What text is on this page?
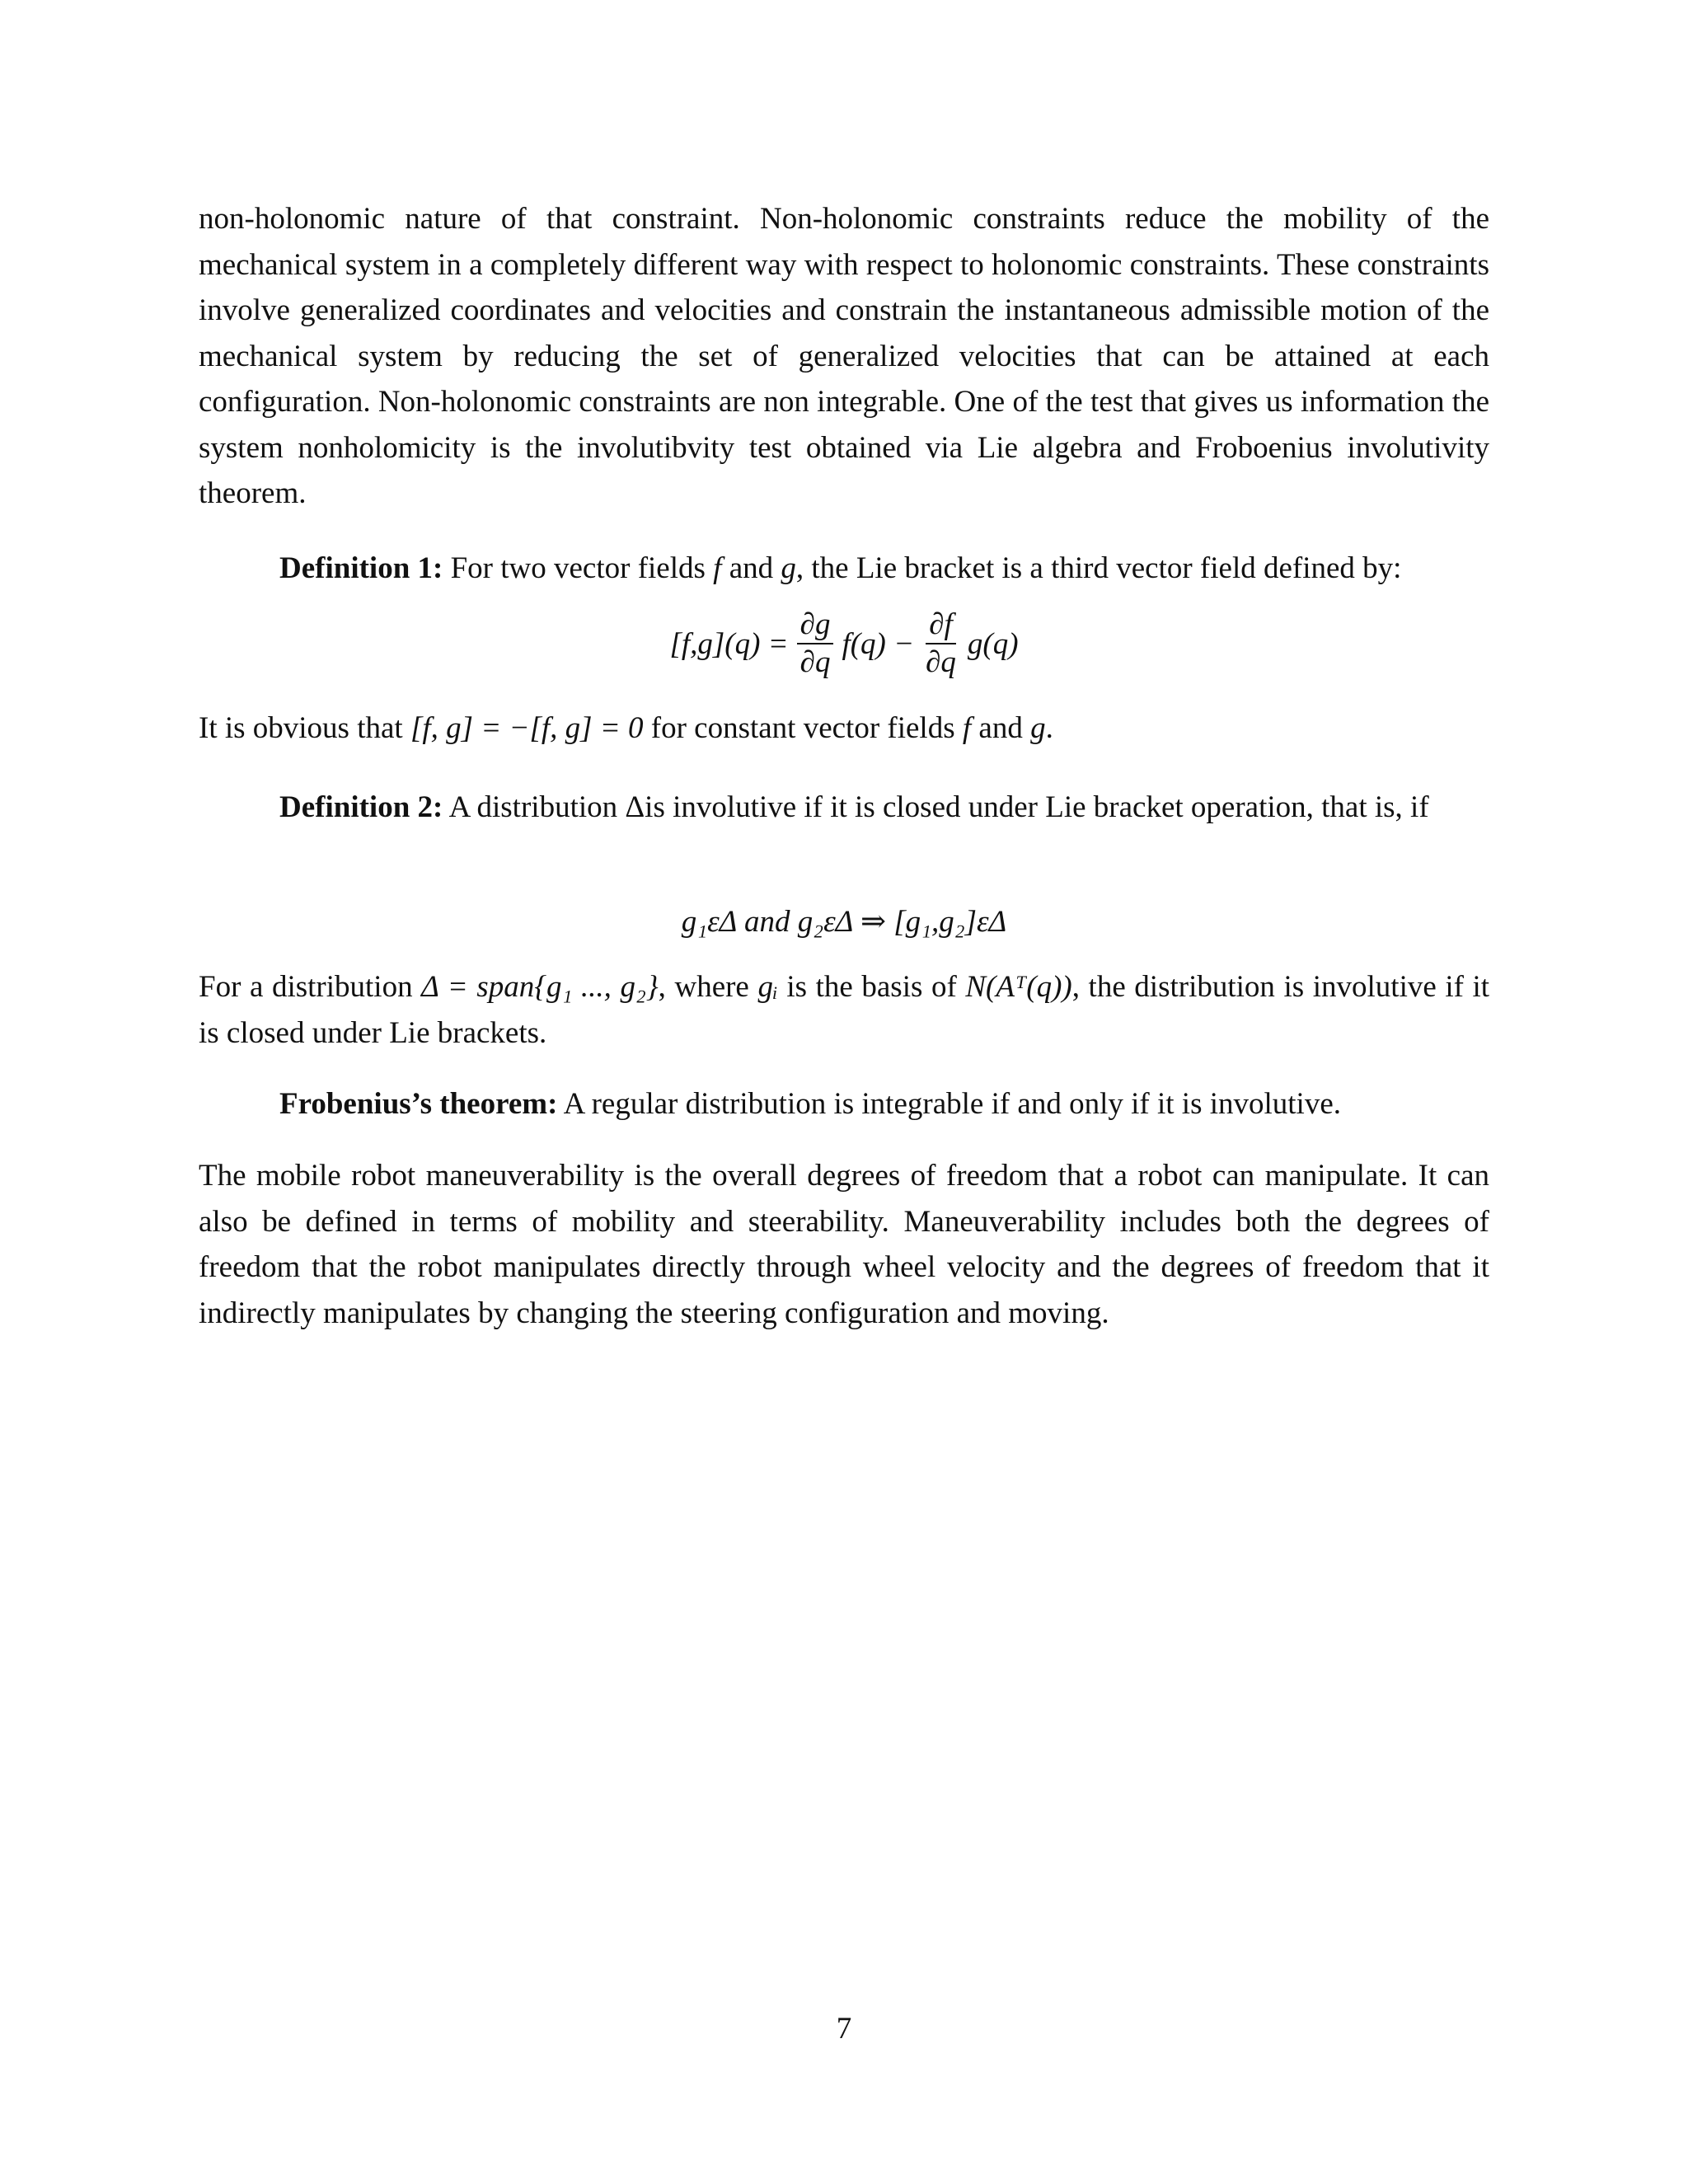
non-holonomic nature of that constraint. Non-holonomic constraints reduce the mobility of the mechanical system in a completely different way with respect to holonomic constraints. These constraints involve generalized coordinates and velocities and constrain the instantaneous admissible motion of the mechanical system by reducing the set of generalized velocities that can be attained at each configuration. Non-holonomic constraints are non integrable. One of the test that gives us information the system nonholomicity is the involutibvity test obtained via Lie algebra and Froboenius involutivity theorem.

Definition 1: For two vector fields f and g, the Lie bracket is a third vector field defined by:

$[f,g](q) = \frac{\partial g}{\partial q} f(q) - \frac{\partial f}{\partial q} g(q)$

It is obvious that [f, g] = −[f, g] = 0 for constant vector fields f and g.

Definition 2: A distribution Δis involutive if it is closed under Lie bracket operation, that is, if

g₁εΔ and g₂εΔ ⇒ [g₁,g₂]εΔ

For a distribution Δ = span{g₁ ..., g₂}, where gᵢ is the basis of N(Aᵀ(q)), the distribution is involutive if it is closed under Lie brackets.

Frobenius’s theorem: A regular distribution is integrable if and only if it is involutive.

The mobile robot maneuverability is the overall degrees of freedom that a robot can manipulate. It can also be defined in terms of mobility and steerability. Maneuverability includes both the degrees of freedom that the robot manipulates directly through wheel velocity and the degrees of freedom that it indirectly manipulates by changing the steering configuration and moving.

7
